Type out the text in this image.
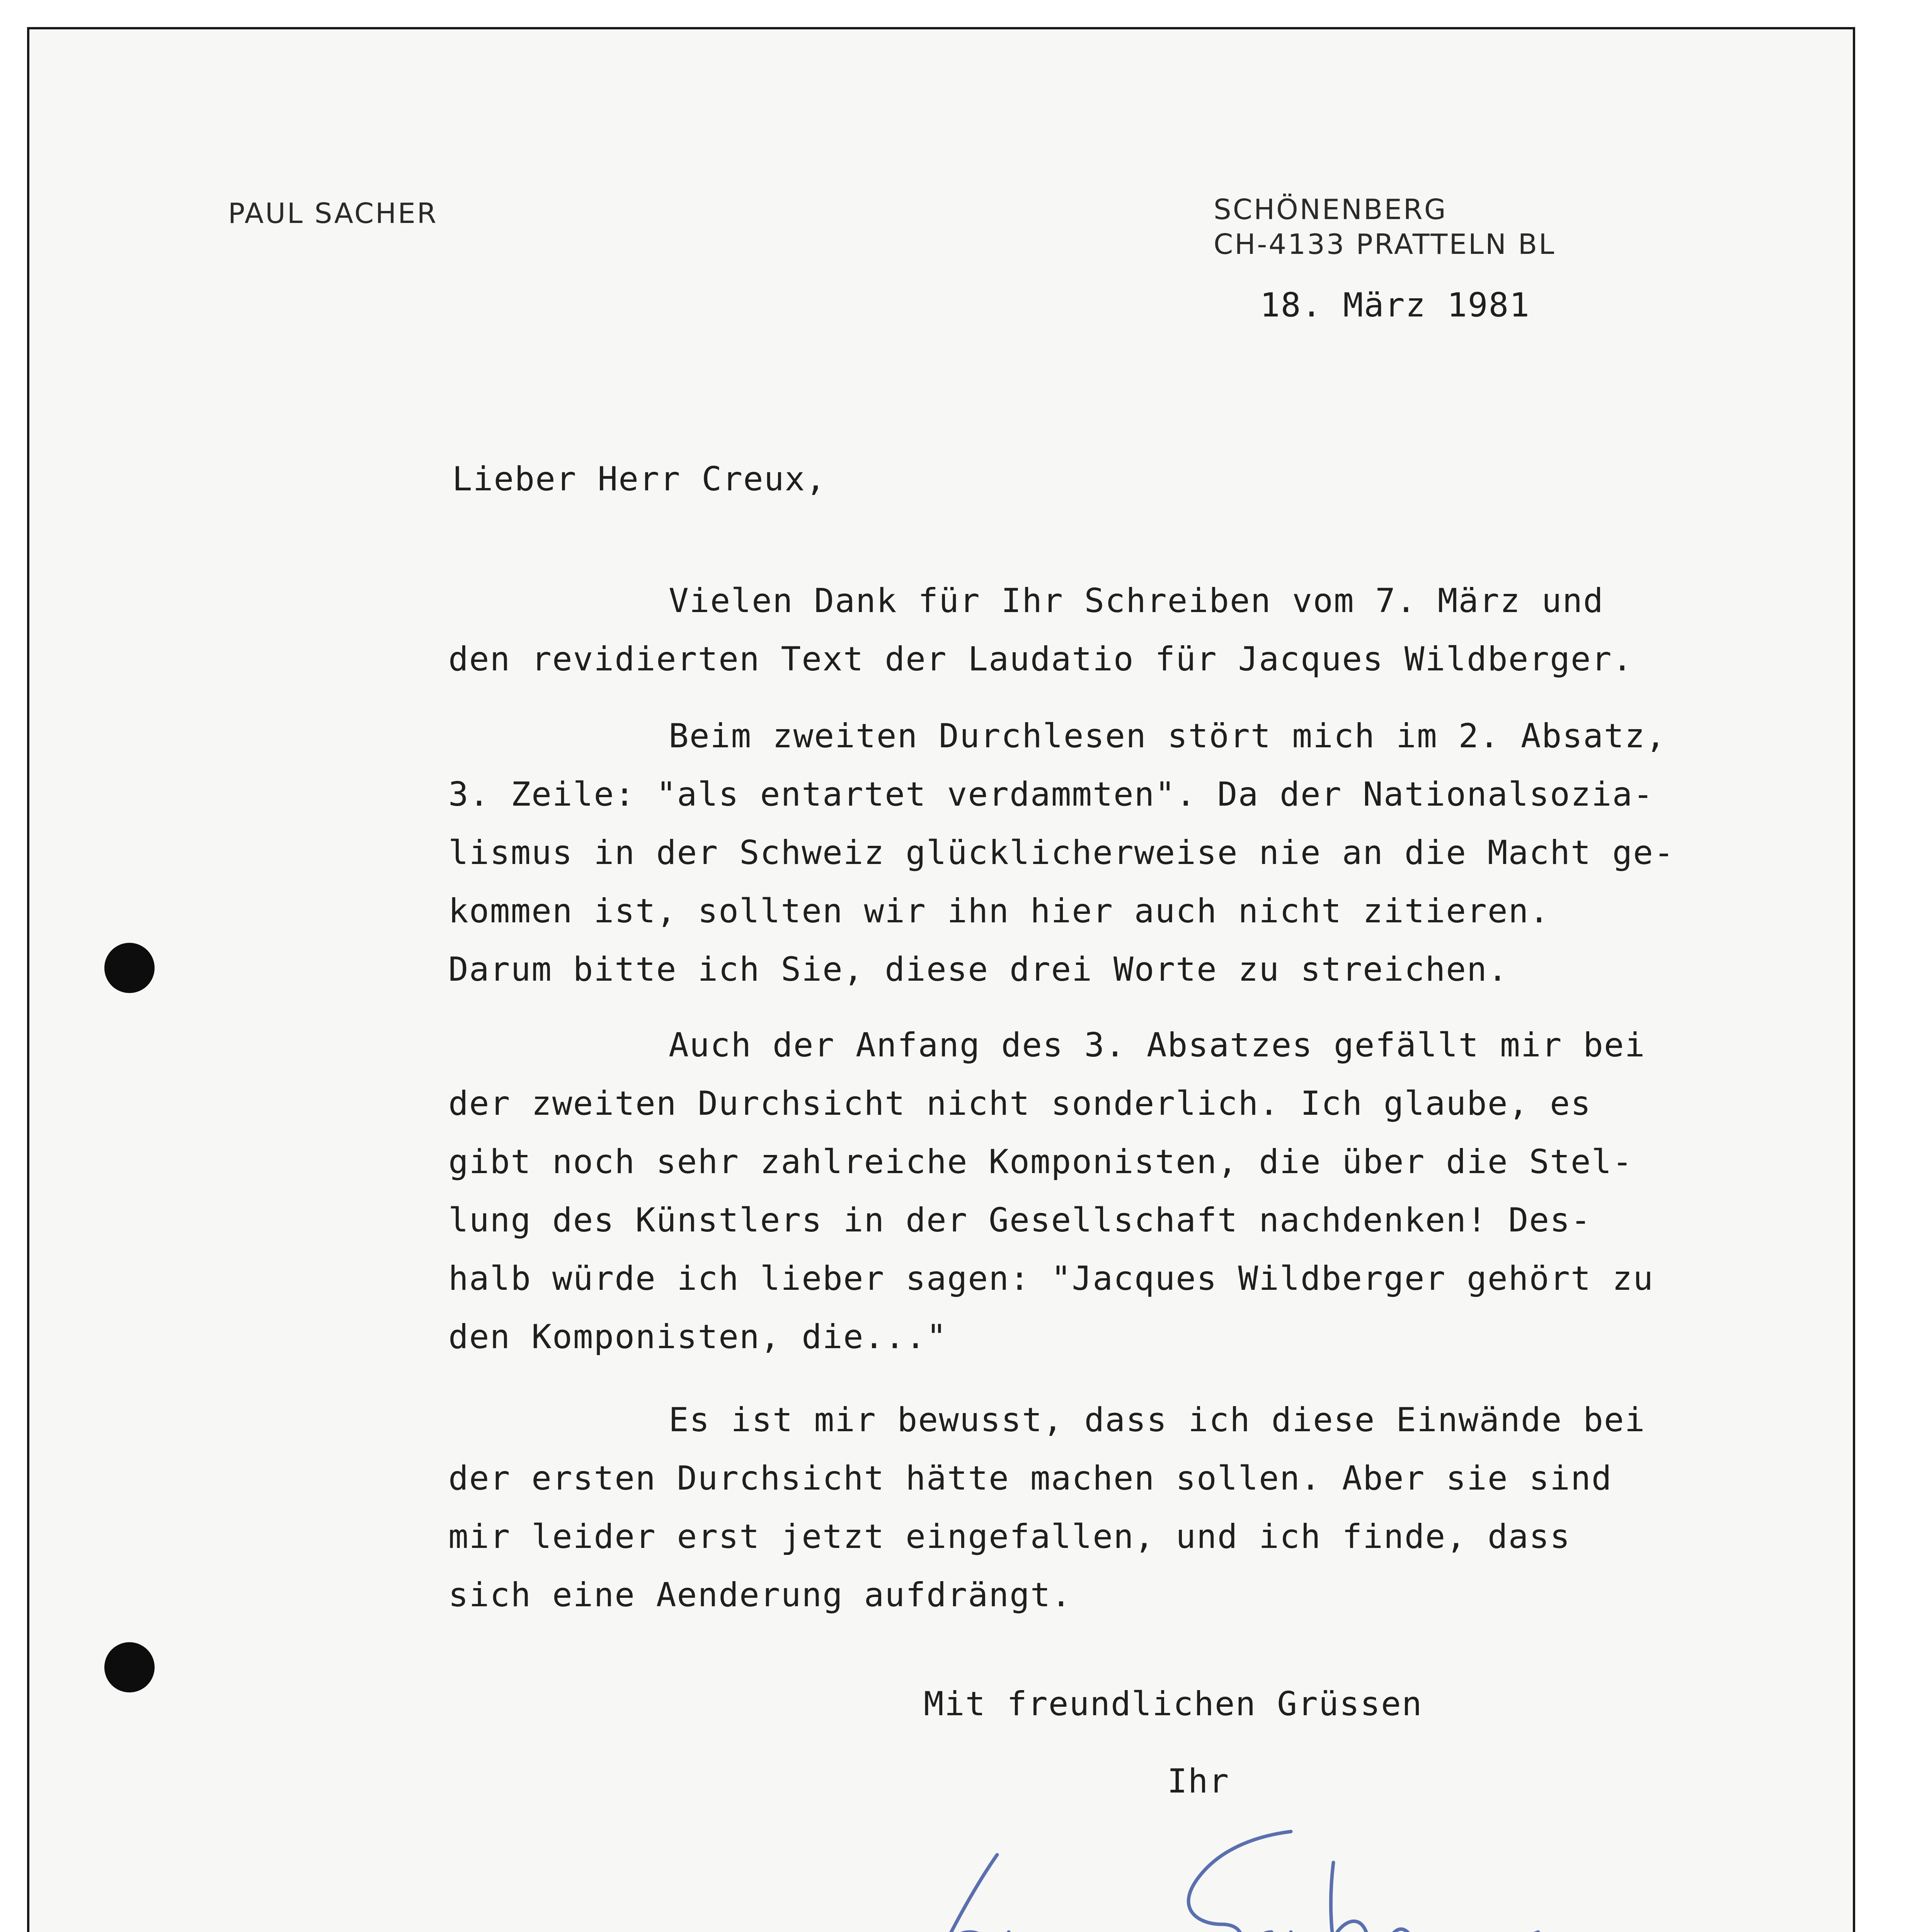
PAUL SACHER	SCHÖNENBERG
CH-4133 PRATTELN BL
18. März 1981
Lieber Herr Creux,
Vielen Dank für Ihr Schreiben vom 7. März und
den revidierten Text der Laudatio für Jacques Wildberger.
Beim zweiten Durchlesen stört mich im 2. Absatz,
3. Zeile: "als entartet verdammten". Da der Nationalsozia-
lismus in der Schweiz glücklicherweise nie an die Macht ge-
kommen ist, sollten wir ihn hier auch nicht zitieren.
Darum bitte ich Sie, diese drei Worte zu streichen.
Auch der Anfang des 3. Absatzes gefällt mir bei
der zweiten Durchsicht nicht sonderlich. Ich glaube, es
gibt noch sehr zahlreiche Komponisten, die über die Stel-
lung des Künstlers in der Gesellschaft nachdenken! Des-
halb würde ich lieber sagen: "Jacques Wildberger gehört zu
den Komponisten, die..."
Es ist mir bewusst, dass ich diese Einwände bei
der ersten Durchsicht hätte machen sollen. Aber sie sind
mir leider erst jetzt eingefallen, und ich finde, dass
sich eine Aenderung aufdrängt.
Mit freundlichen Grüssen
Ihr
